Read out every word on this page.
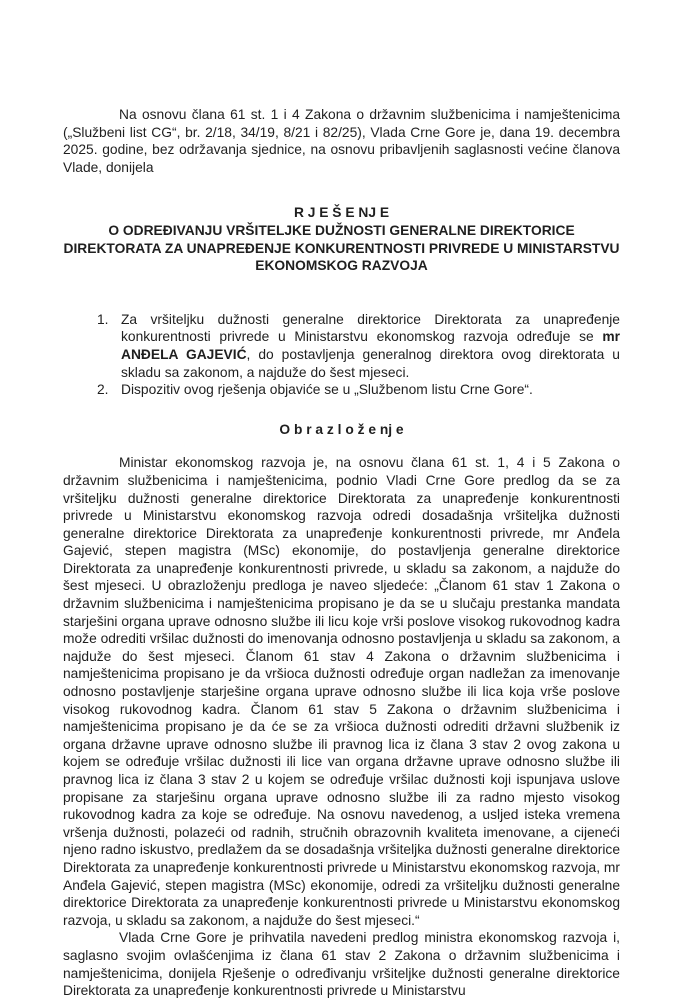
Na osnovu člana 61 st. 1 i 4 Zakona o državnim službenicima i namještenicima („Službeni list CG“, br. 2/18, 34/19, 8/21 i 82/25), Vlada Crne Gore je, dana 19. decembra 2025. godine, bez održavanja sjednice, na osnovu pribavljenih saglasnosti većine članova Vlade, donijela

R J E Š E NJ E
O ODREĐIVANJU VRŠITELJKE DUŽNOSTI GENERALNE DIREKTORICE DIREKTORATA ZA UNAPREĐENJE KONKURENTNOSTI PRIVREDE U MINISTARSTVU EKONOMSKOG RAZVOJA
1. Za vršiteljku dužnosti generalne direktorice Direktorata za unapređenje konkurentnosti privrede u Ministarstvu ekonomskog razvoja određuje se mr ANĐELA GAJEVIĆ, do postavljenja generalnog direktora ovog direktorata u skladu sa zakonom, a najduže do šest mjeseci.
2. Dispozitiv ovog rješenja objaviće se u „Službenom listu Crne Gore“.
O b r a z l o ž e nj e

Ministar ekonomskog razvoja je, na osnovu člana 61 st. 1, 4 i 5 Zakona o državnim službenicima i namještenicima, podnio Vladi Crne Gore predlog da se za vršiteljku dužnosti generalne direktorice Direktorata za unapređenje konkurentnosti privrede u Ministarstvu ekonomskog razvoja odredi dosadašnja vršiteljka dužnosti generalne direktorice Direktorata za unapređenje konkurentnosti privrede, mr Anđela Gajević, stepen magistra (MSc) ekonomije, do postavljenja generalne direktorice Direktorata za unapređenje konkurentnosti privrede, u skladu sa zakonom, a najduže do šest mjeseci. U obrazloženju predloga je naveo sljedeće: „Članom 61 stav 1 Zakona o državnim službenicima i namještenicima propisano je da se u slučaju prestanka mandata starješini organa uprave odnosno službe ili licu koje vrši poslove visokog rukovodnog kadra može odrediti vršilac dužnosti do imenovanja odnosno postavljenja u skladu sa zakonom, a najduže do šest mjeseci. Članom 61 stav 4 Zakona o državnim službenicima i namještenicima propisano je da vršioca dužnosti određuje organ nadležan za imenovanje odnosno postavljenje starješine organa uprave odnosno službe ili lica koja vrše poslove visokog rukovodnog kadra. Članom 61 stav 5 Zakona o državnim službenicima i namještenicima propisano je da će se za vršioca dužnosti odrediti državni službenik iz organa državne uprave odnosno službe ili pravnog lica iz člana 3 stav 2 ovog zakona u kojem se određuje vršilac dužnosti ili lice van organa državne uprave odnosno službe ili pravnog lica iz člana 3 stav 2 u kojem se određuje vršilac dužnosti koji ispunjava uslove propisane za starješinu organa uprave odnosno službe ili za radno mjesto visokog rukovodnog kadra za koje se određuje. Na osnovu navedenog, a usljed isteka vremena vršenja dužnosti, polazeći od radnih, stručnih obrazovnih kvaliteta imenovane, a cijeneći njeno radno iskustvo, predlažem da se dosadašnja vršiteljka dužnosti generalne direktorice Direktorata za unapređenje konkurentnosti privrede u Ministarstvu ekonomskog razvoja, mr Anđela Gajević, stepen magistra (MSc) ekonomije, odredi za vršiteljku dužnosti generalne direktorice Direktorata za unapređenje konkurentnosti privrede u Ministarstvu ekonomskog razvoja, u skladu sa zakonom, a najduže do šest mjeseci.“

Vlada Crne Gore je prihvatila navedeni predlog ministra ekonomskog razvoja i, saglasno svojim ovlašćenjima iz člana 61 stav 2 Zakona o državnim službenicima i namještenicima, donijela Rješenje o određivanju vršiteljke dužnosti generalne direktorice Direktorata za unapređenje konkurentnosti privrede u Ministarstvu
